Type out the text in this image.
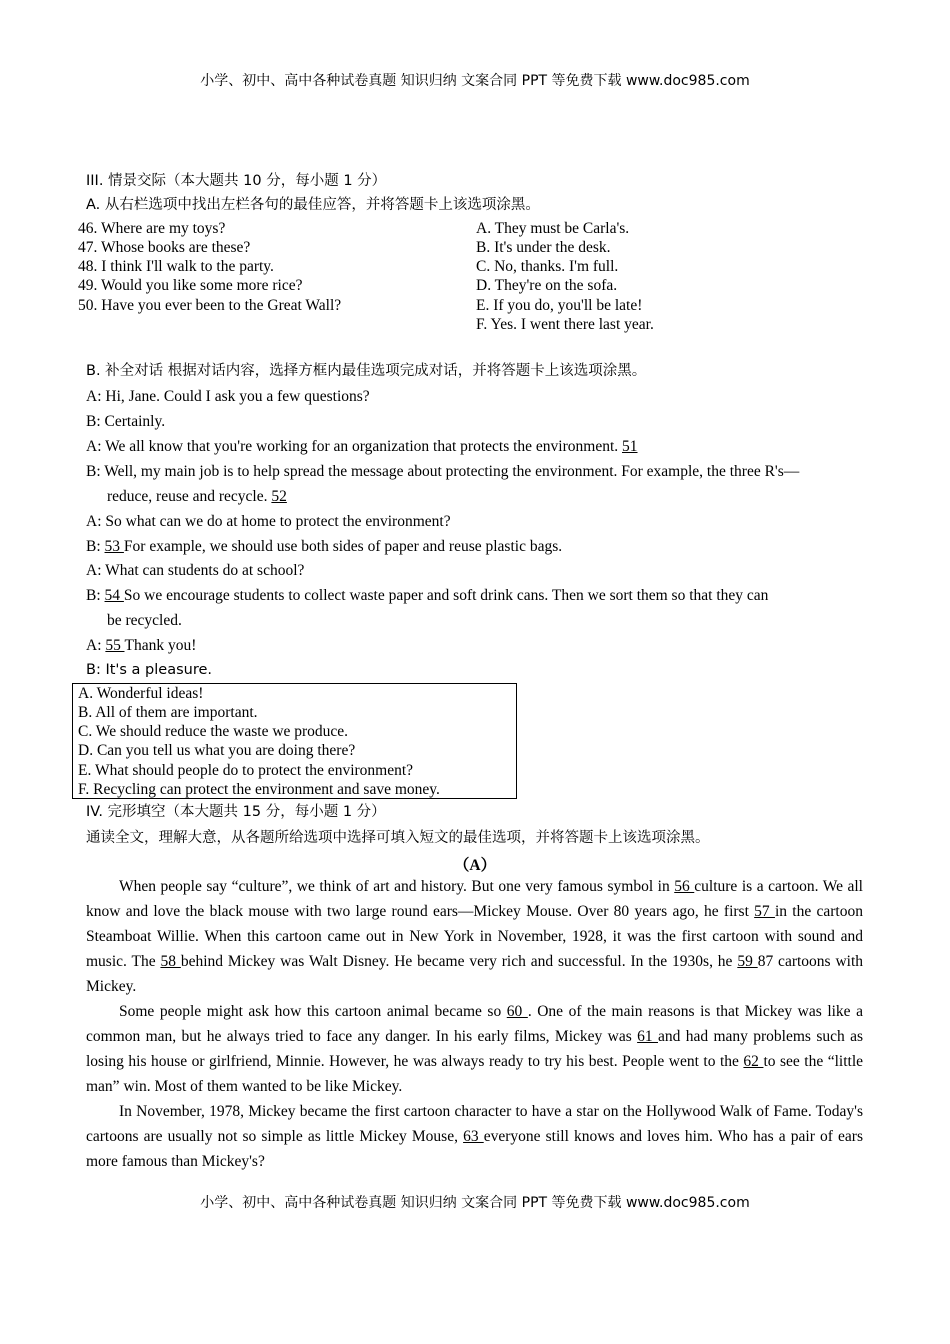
小学、初中、高中各种试卷真题 知识归纳 文案合同 PPT 等免费下载 www.doc985.com
III. 情景交际（本大题共 10 分，每小题 1 分）
A. 从右栏选项中找出左栏各句的最佳应答，并将答题卡上该选项涂黑。
46. Where are my toys?
47. Whose books are these?
48. I think I'll walk to the party.
49. Would you like some more rice?
50. Have you ever been to the Great Wall?
A. They must be Carla's.
B. It's under the desk.
C. No, thanks. I'm full.
D. They're on the sofa.
E. If you do, you'll be late!
F. Yes. I went there last year.
B. 补全对话 根据对话内容，选择方框内最佳选项完成对话，并将答题卡上该选项涂黑。
A: Hi, Jane. Could I ask you a few questions?
B: Certainly.
A: We all know that you're working for an organization that protects the environment. 51
B: Well, my main job is to help spread the message about protecting the environment. For example, the three R's—
reduce, reuse and recycle. 52
A: So what can we do at home to protect the environment?
B: 53 For example, we should use both sides of paper and reuse plastic bags.
A: What can students do at school?
B: 54 So we encourage students to collect waste paper and soft drink cans. Then we sort them so that they can
be recycled.
A: 55 Thank you!
B: It's a pleasure.
A. Wonderful ideas!
B. All of them are important.
C. We should reduce the waste we produce.
D. Can you tell us what you are doing there?
E. What should people do to protect the environment?
F. Recycling can protect the environment and save money.
IV. 完形填空（本大题共 15 分，每小题 1 分）
通读全文，理解大意，从各题所给选项中选择可填入短文的最佳选项，并将答题卡上该选项涂黑。
（A）

When people say “culture”, we think of art and history. But one very famous symbol in 56 culture is a cartoon. We all know and love the black mouse with two large round ears—Mickey Mouse. Over 80 years ago, he first 57 in the cartoon Steamboat Willie. When this cartoon came out in New York in November, 1928, it was the first cartoon with sound and music. The 58 behind Mickey was Walt Disney. He became very rich and successful. In the 1930s, he 59 87 cartoons with Mickey.

Some people might ask how this cartoon animal became so 60 . One of the main reasons is that Mickey was like a common man, but he always tried to face any danger. In his early films, Mickey was 61 and had many problems such as losing his house or girlfriend, Minnie. However, he was always ready to try his best. People went to the 62 to see the “little man” win. Most of them wanted to be like Mickey.

In November, 1978, Mickey became the first cartoon character to have a star on the Hollywood Walk of Fame. Today's cartoons are usually not so simple as little Mickey Mouse, 63 everyone still knows and loves him. Who has a pair of ears more famous than Mickey's?

小学、初中、高中各种试卷真题 知识归纳 文案合同 PPT 等免费下载 www.doc985.com
